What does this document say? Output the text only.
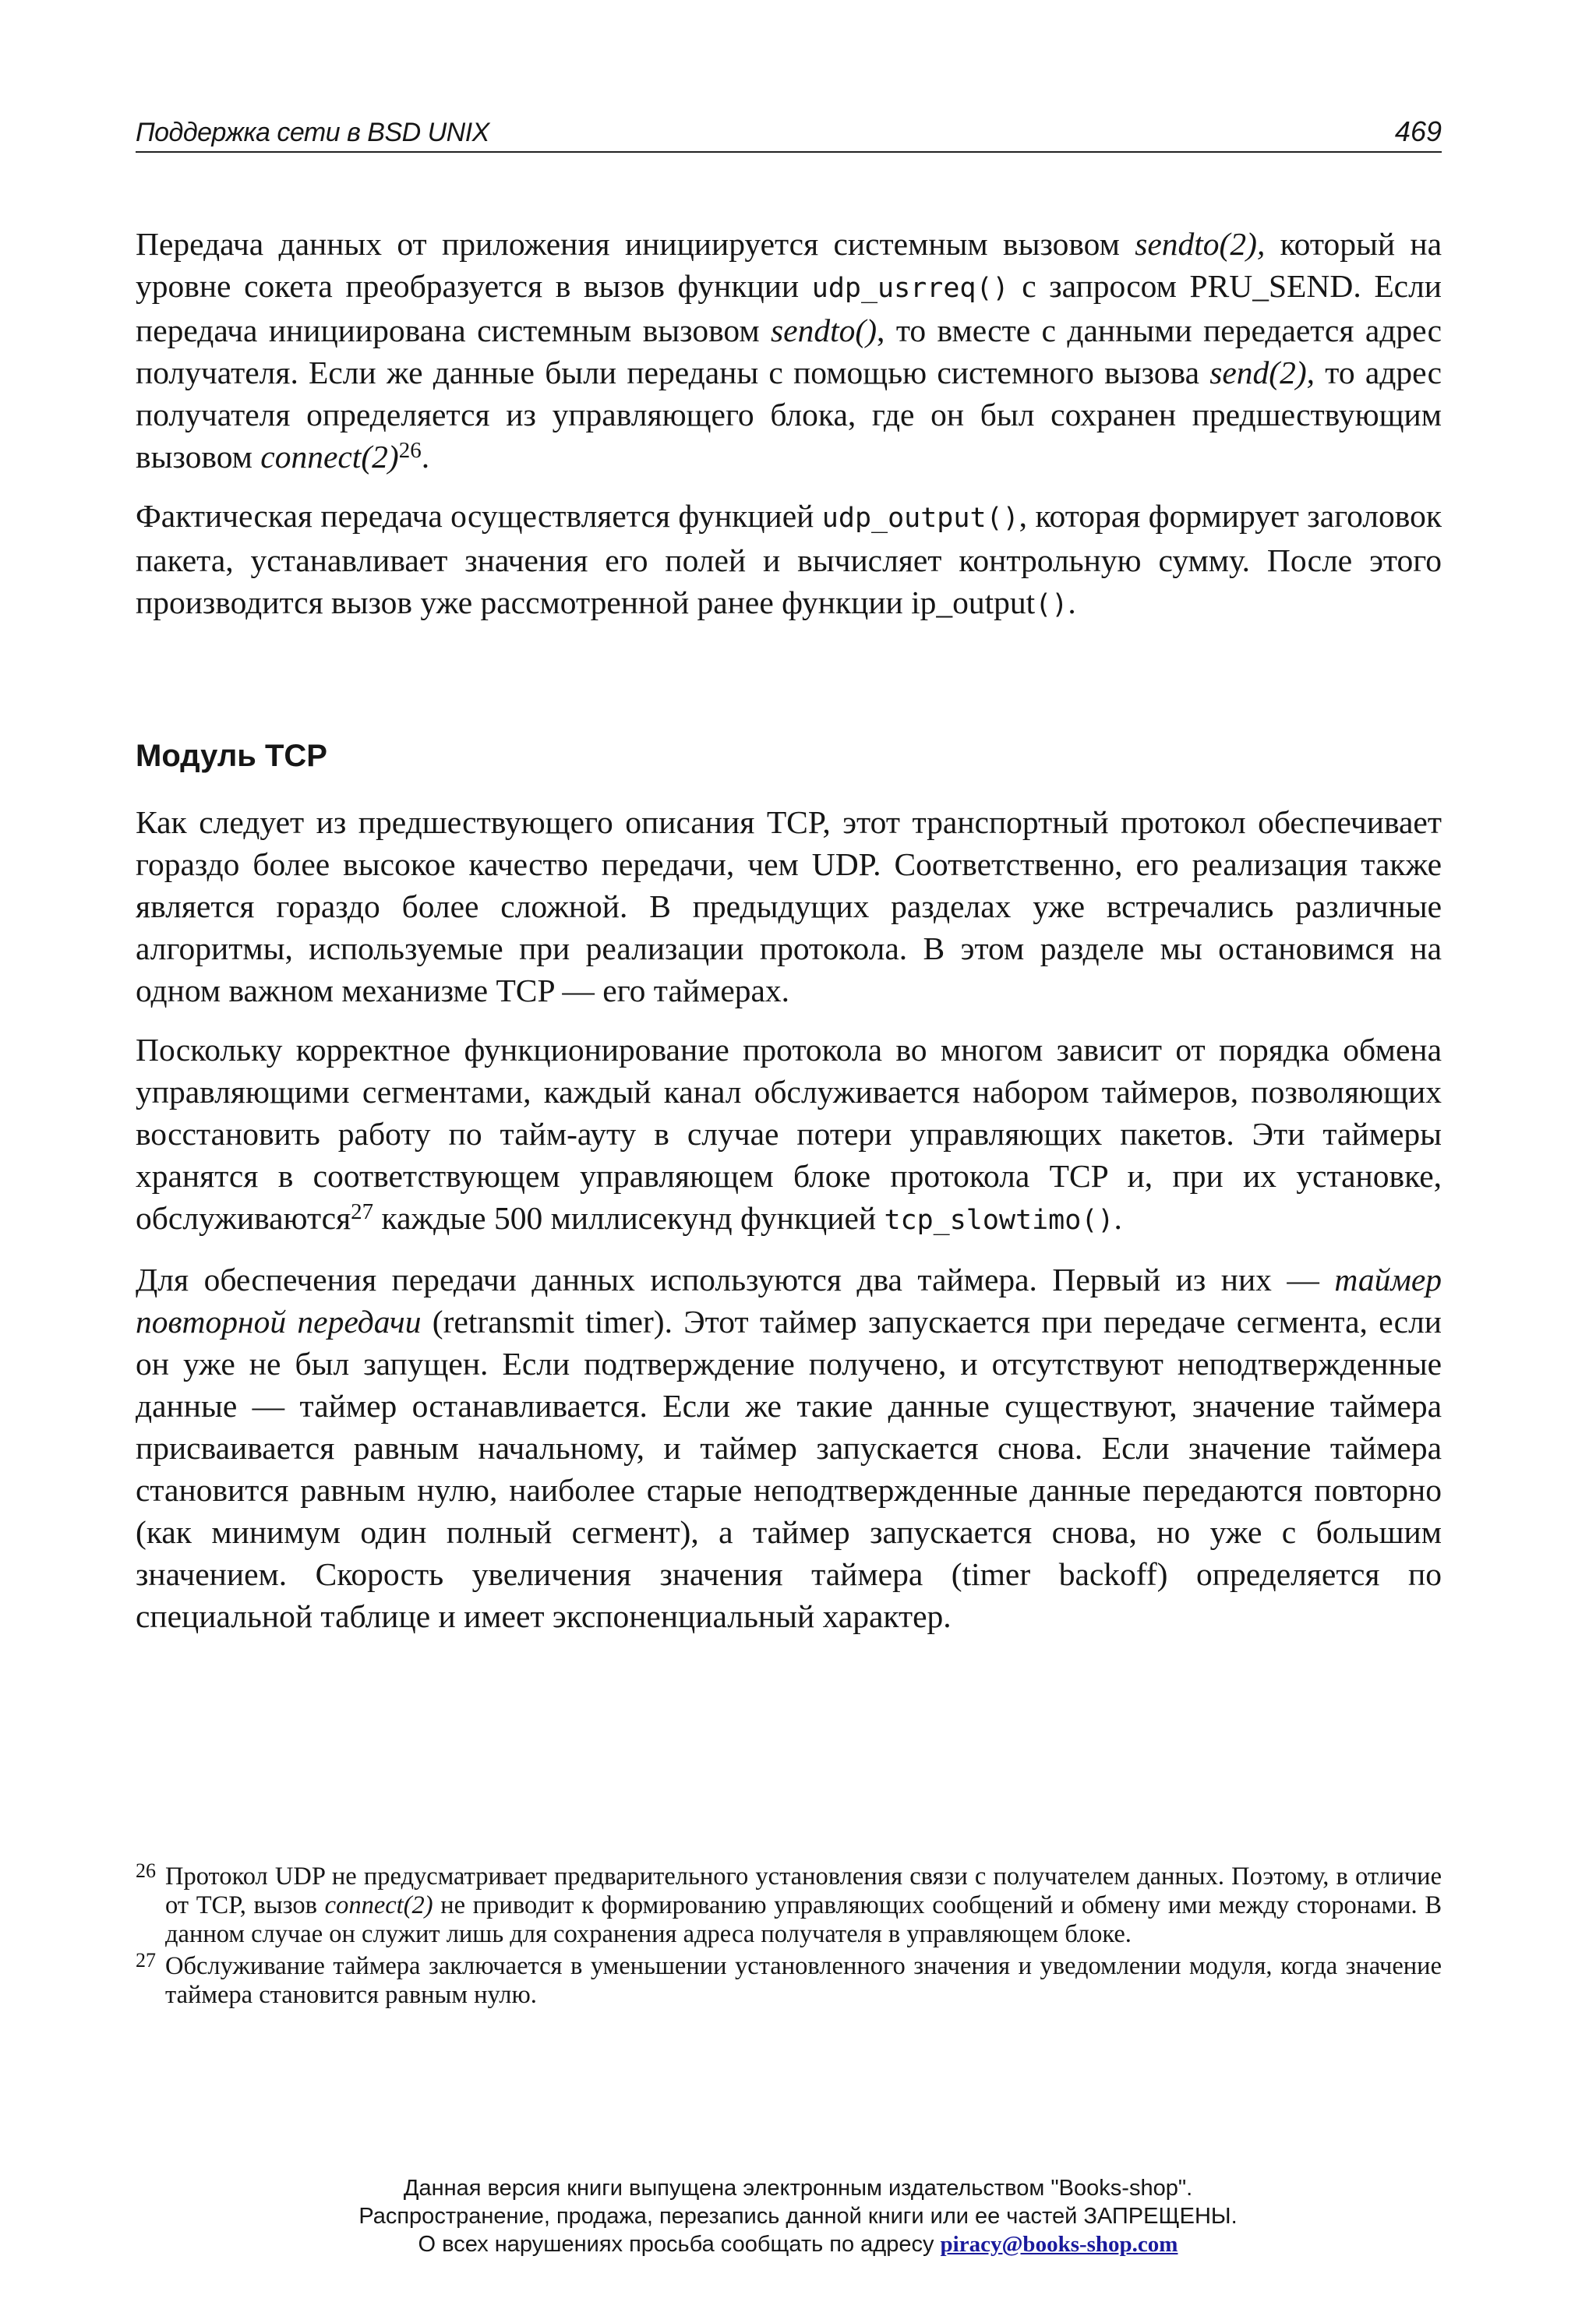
Поддержка сети в BSD UNIX	469

Передача данных от приложения инициируется системным вызовом sendto(2), который на уровне сокета преобразуется в вызов функции udp_usrreq() с запросом PRU_SEND. Если передача инициирована системным вызовом sendto(), то вместе с данными передается адрес получателя. Если же данные были переданы с помощью системного вызова send(2), то адрес получателя определяется из управляющего блока, где он был сохранен предшествующим вызовом connect(2)$^{26}$.

Фактическая передача осуществляется функцией udp_output(), которая формирует заголовок пакета, устанавливает значения его полей и вычисляет контрольную сумму. После этого производится вызов уже рассмотренной ранее функции ip_output().

Модуль TCP

Как следует из предшествующего описания TCP, этот транспортный протокол обеспечивает гораздо более высокое качество передачи, чем UDP. Соответственно, его реализация также является гораздо более сложной. В предыдущих разделах уже встречались различные алгоритмы, используемые при реализации протокола. В этом разделе мы остановимся на одном важном механизме TCP — его таймерах.

Поскольку корректное функционирование протокола во многом зависит от порядка обмена управляющими сегментами, каждый канал обслуживается набором таймеров, позволяющих восстановить работу по тайм-ауту в случае потери управляющих пакетов. Эти таймеры хранятся в соответствующем управляющем блоке протокола TCP и, при их установке, обслуживаются$^{27}$ каждые 500 миллисекунд функцией tcp_slowtimo().

Для обеспечения передачи данных используются два таймера. Первый из них — таймер повторной передачи (retransmit timer). Этот таймер запускается при передаче сегмента, если он уже не был запущен. Если подтверждение получено, и отсутствуют неподтвержденные данные — таймер останавливается. Если же такие данные существуют, значение таймера присваивается равным начальному, и таймер запускается снова. Если значение таймера становится равным нулю, наиболее старые неподтвержденные данные передаются повторно (как минимум один полный сегмент), а таймер запускается снова, но уже с большим значением. Скорость увеличения значения таймера (timer backoff) определяется по специальной таблице и имеет экспоненциальный характер.

26 Протокол UDP не предусматривает предварительного установления связи с получателем данных. Поэтому, в отличие от TCP, вызов connect(2) не приводит к формированию управляющих сообщений и обмену ими между сторонами. В данном случае он служит лишь для сохранения адреса получателя в управляющем блоке.

27 Обслуживание таймера заключается в уменьшении установленного значения и уведомлении модуля, когда значение таймера становится равным нулю.

Данная версия книги выпущена электронным издательством "Books-shop".
Распространение, продажа, перезапись данной книги или ее частей ЗАПРЕЩЕНЫ.
О всех нарушениях просьба сообщать по адресу piracy@books-shop.com
